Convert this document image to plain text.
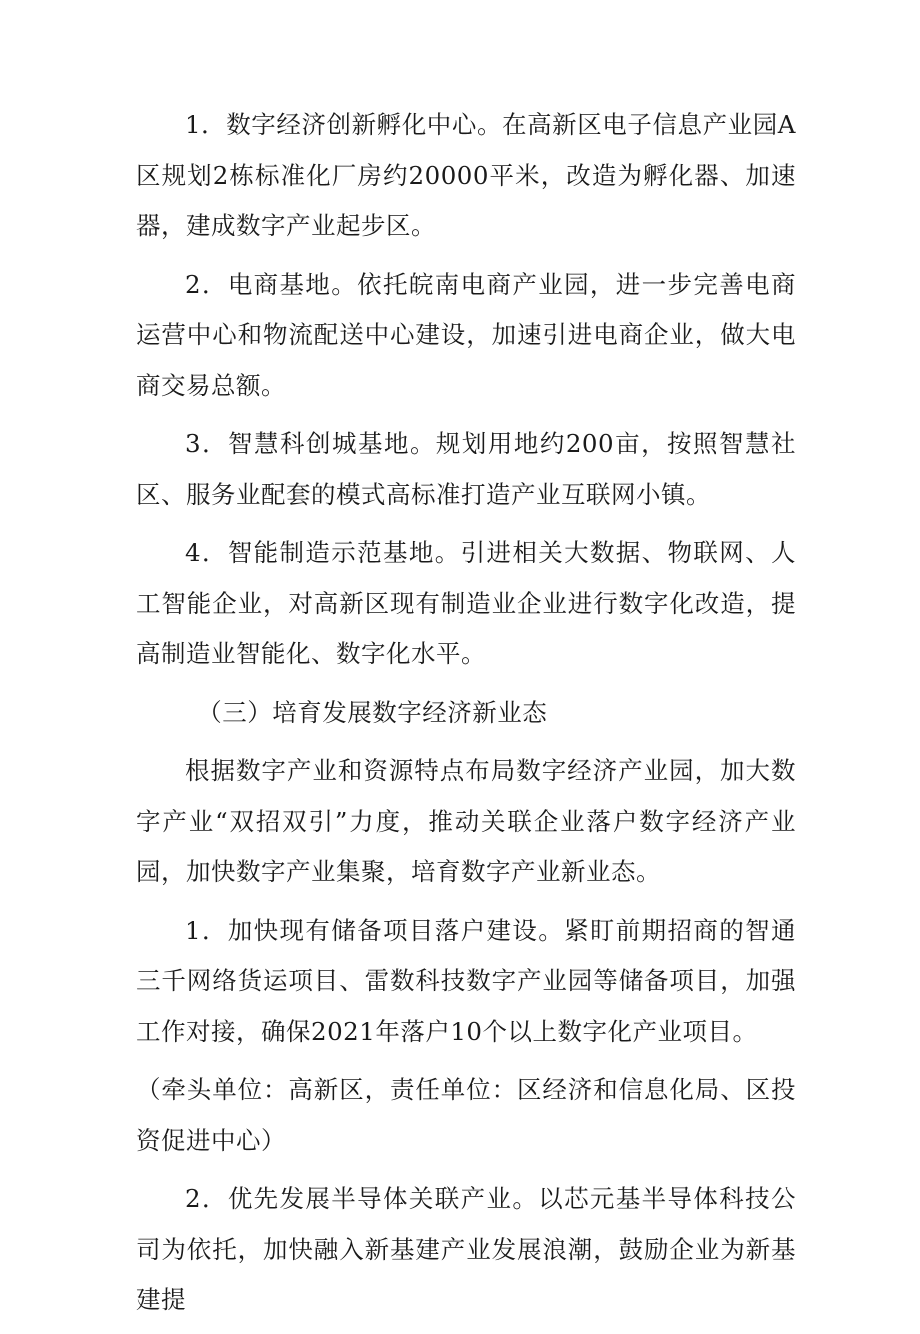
1．数字经济创新孵化中心。在高新区电子信息产业园A区规划2栋标准化厂房约20000平米，改造为孵化器、加速器，建成数字产业起步区。

2．电商基地。依托皖南电商产业园，进一步完善电商运营中心和物流配送中心建设，加速引进电商企业，做大电商交易总额。

3．智慧科创城基地。规划用地约200亩，按照智慧社区、服务业配套的模式高标准打造产业互联网小镇。

4．智能制造示范基地。引进相关大数据、物联网、人工智能企业，对高新区现有制造业企业进行数字化改造，提高制造业智能化、数字化水平。

（三）培育发展数字经济新业态

根据数字产业和资源特点布局数字经济产业园，加大数字产业“双招双引”力度，推动关联企业落户数字经济产业园，加快数字产业集聚，培育数字产业新业态。

1．加快现有储备项目落户建设。紧盯前期招商的智通三千网络货运项目、雷数科技数字产业园等储备项目，加强工作对接，确保2021年落户10个以上数字化产业项目。

（牵头单位：高新区，责任单位：区经济和信息化局、区投资促进中心）

2．优先发展半导体关联产业。以芯元基半导体科技公司为依托，加快融入新基建产业发展浪潮，鼓励企业为新基建提
